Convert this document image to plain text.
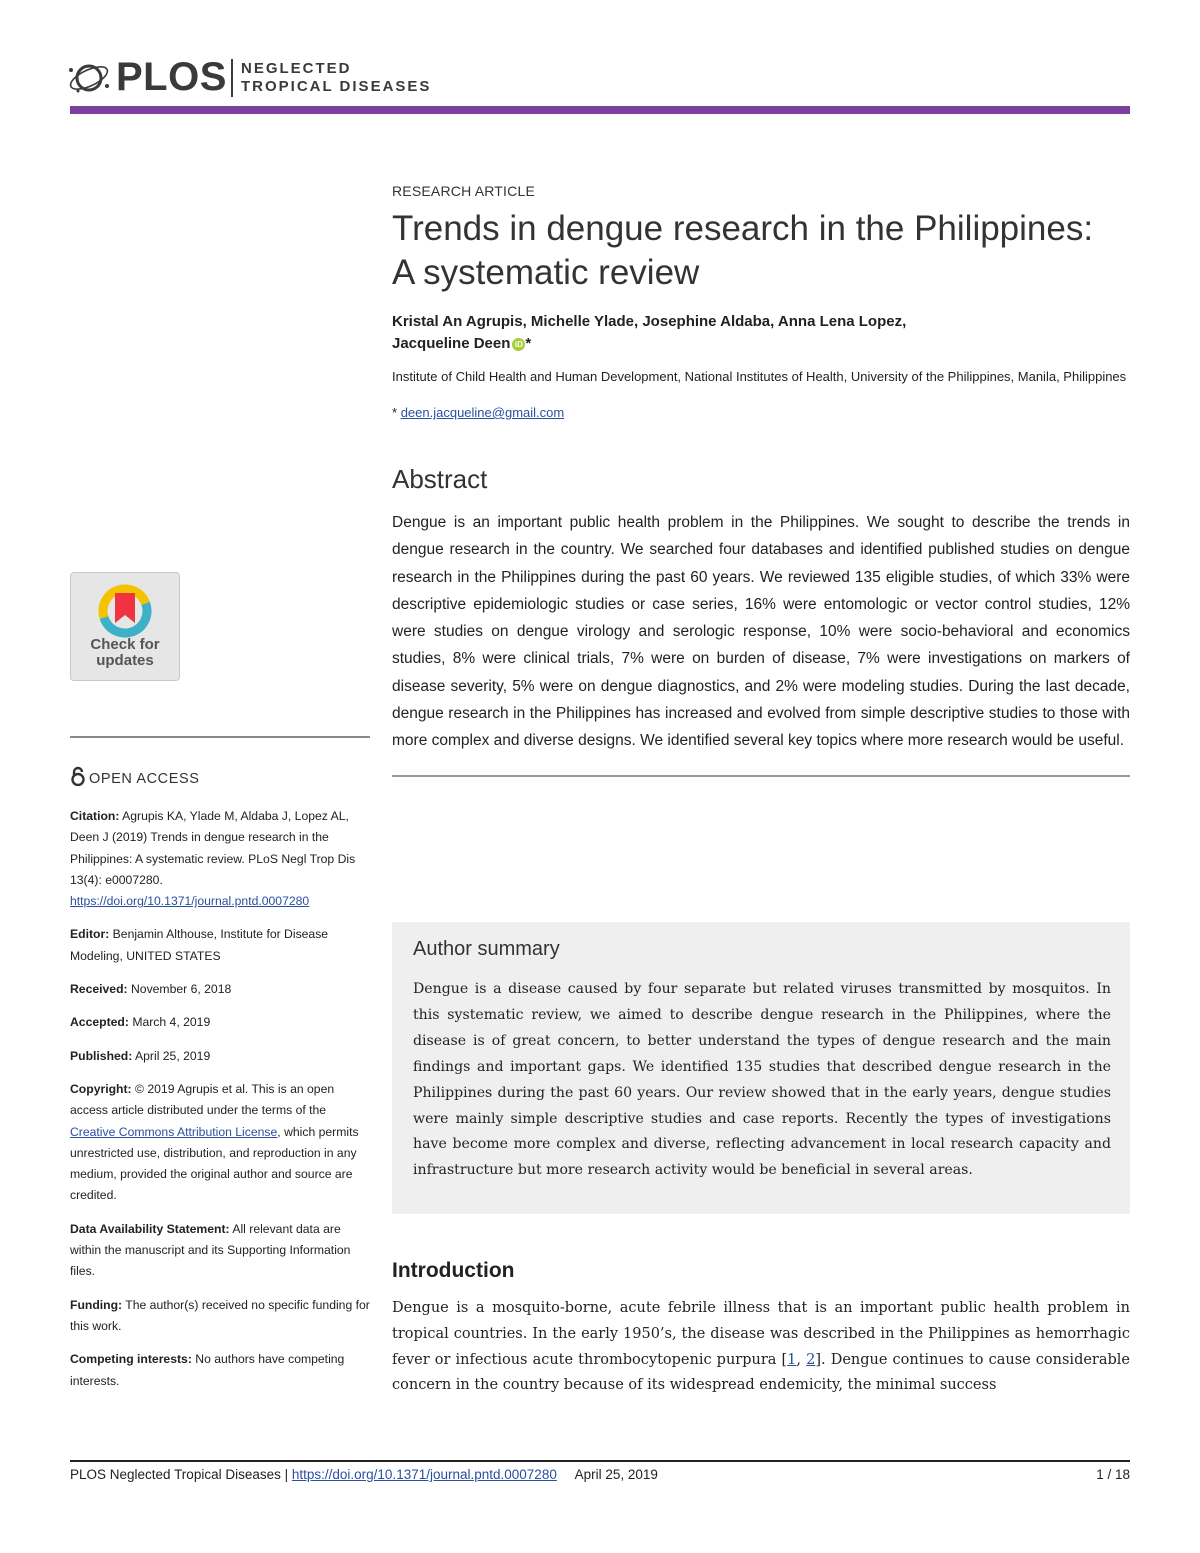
PLOS NEGLECTED
TROPICAL DISEASES
RESEARCH ARTICLE
Trends in dengue research in the Philippines:
A systematic review
Kristal An Agrupis, Michelle Ylade, Josephine Aldaba, Anna Lena Lopez,
Jacqueline Deen iD *
Institute of Child Health and Human Development, National Institutes of Health, University of the Philippines, Manila, Philippines
* deen.jacqueline@gmail.com
Abstract
Dengue is an important public health problem in the Philippines. We sought to describe the trends in dengue research in the country. We searched four databases and identified published studies on dengue research in the Philippines during the past 60 years. We reviewed 135 eligible studies, of which 33% were descriptive epidemiologic studies or case series, 16% were entomologic or vector control studies, 12% were studies on dengue virology and serologic response, 10% were socio-behavioral and economics studies, 8% were clinical trials, 7% were on burden of disease, 7% were investigations on markers of disease severity, 5% were on dengue diagnostics, and 2% were modeling studies. During the last decade, dengue research in the Philippines has increased and evolved from simple descriptive studies to those with more complex and diverse designs. We identified several key topics where more research would be useful.
Author summary
Dengue is a disease caused by four separate but related viruses transmitted by mosquitos. In this systematic review, we aimed to describe dengue research in the Philippines, where the disease is of great concern, to better understand the types of dengue research and the main findings and important gaps. We identified 135 studies that described dengue research in the Philippines during the past 60 years. Our review showed that in the early years, dengue studies were mainly simple descriptive studies and case reports. Recently the types of investigations have become more complex and diverse, reflecting advancement in local research capacity and infrastructure but more research activity would be beneficial in several areas.
Introduction
Dengue is a mosquito-borne, acute febrile illness that is an important public health problem in tropical countries. In the early 1950’s, the disease was described in the Philippines as hemorrhagic fever or infectious acute thrombocytopenic purpura [1, 2]. Dengue continues to cause considerable concern in the country because of its widespread endemicity, the minimal success
Check for
updates
OPEN ACCESS
Citation: Agrupis KA, Ylade M, Aldaba J, Lopez AL, Deen J (2019) Trends in dengue research in the Philippines: A systematic review. PLoS Negl Trop Dis 13(4): e0007280. https://doi.org/10.1371/journal.pntd.0007280
Editor: Benjamin Althouse, Institute for Disease Modeling, UNITED STATES
Received: November 6, 2018
Accepted: March 4, 2019
Published: April 25, 2019
Copyright: © 2019 Agrupis et al. This is an open access article distributed under the terms of the Creative Commons Attribution License, which permits unrestricted use, distribution, and reproduction in any medium, provided the original author and source are credited.
Data Availability Statement: All relevant data are within the manuscript and its Supporting Information files.
Funding: The author(s) received no specific funding for this work.
Competing interests: No authors have competing interests.
PLOS Neglected Tropical Diseases | https://doi.org/10.1371/journal.pntd.0007280 April 25, 2019	1 / 18
